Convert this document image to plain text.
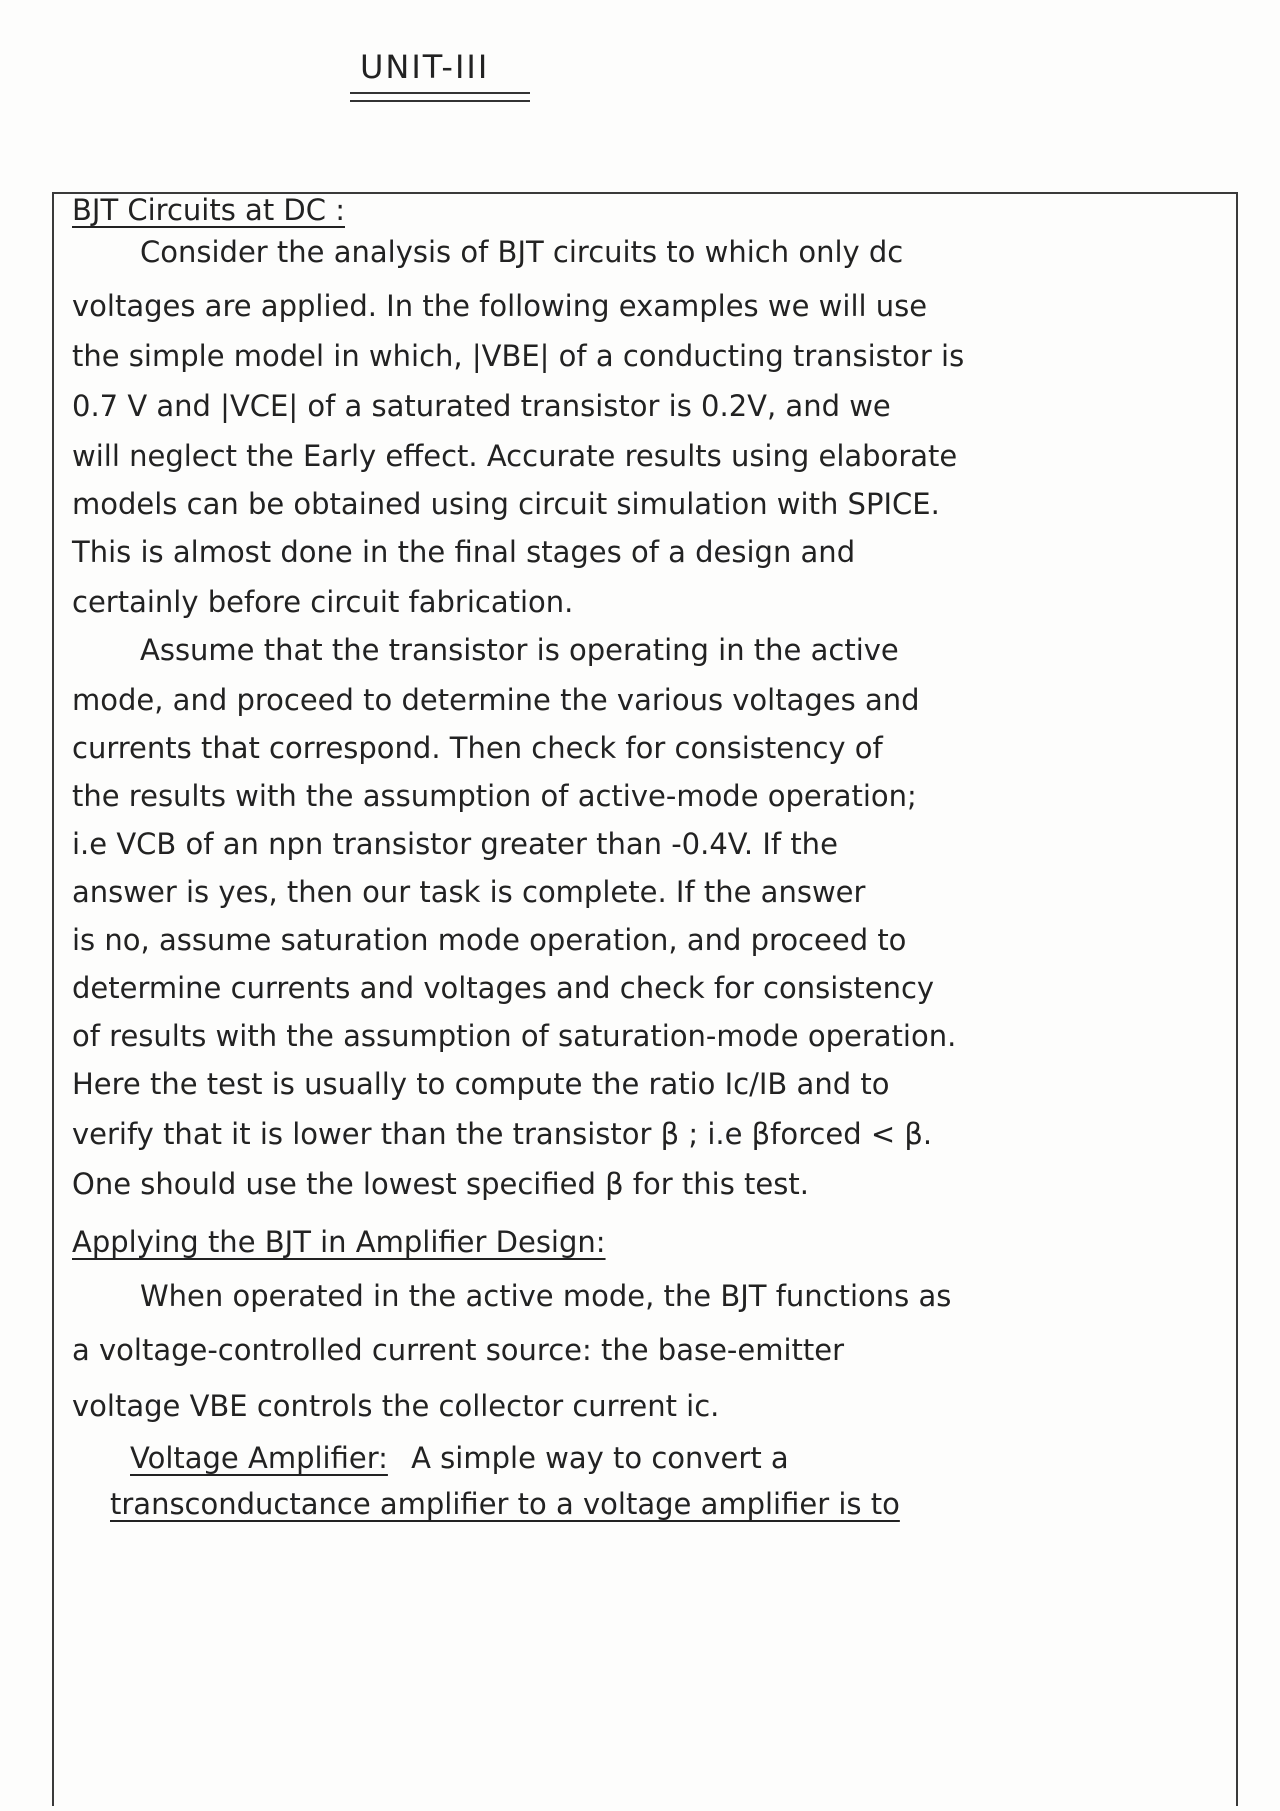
UNIT-III
BJT Circuits at DC :
Consider the analysis of BJT circuits to which only dc
voltages are applied. In the following examples we will use
the simple model in which, |VBE| of a conducting transistor is
0.7 V and |VCE| of a saturated transistor is 0.2V, and we
will neglect the Early effect. Accurate results using elaborate
models can be obtained using circuit simulation with SPICE.
This is almost done in the final stages of a design and
certainly before circuit fabrication.
Assume that the transistor is operating in the active
mode, and proceed to determine the various voltages and
currents that correspond. Then check for consistency of
the results with the assumption of active-mode operation;
i.e VCB of an npn transistor greater than -0.4V. If the
answer is yes, then our task is complete. If the answer
is no, assume saturation mode operation, and proceed to
determine currents and voltages and check for consistency
of results with the assumption of saturation-mode operation.
Here the test is usually to compute the ratio Ic/IB and to
verify that it is lower than the transistor β ; i.e βforced < β.
One should use the lowest specified β for this test.
Applying the BJT in Amplifier Design:
When operated in the active mode, the BJT functions as
a voltage-controlled current source: the base-emitter
voltage VBE controls the collector current ic.
Voltage Amplifier: A simple way to convert a
transconductance amplifier to a voltage amplifier is to
